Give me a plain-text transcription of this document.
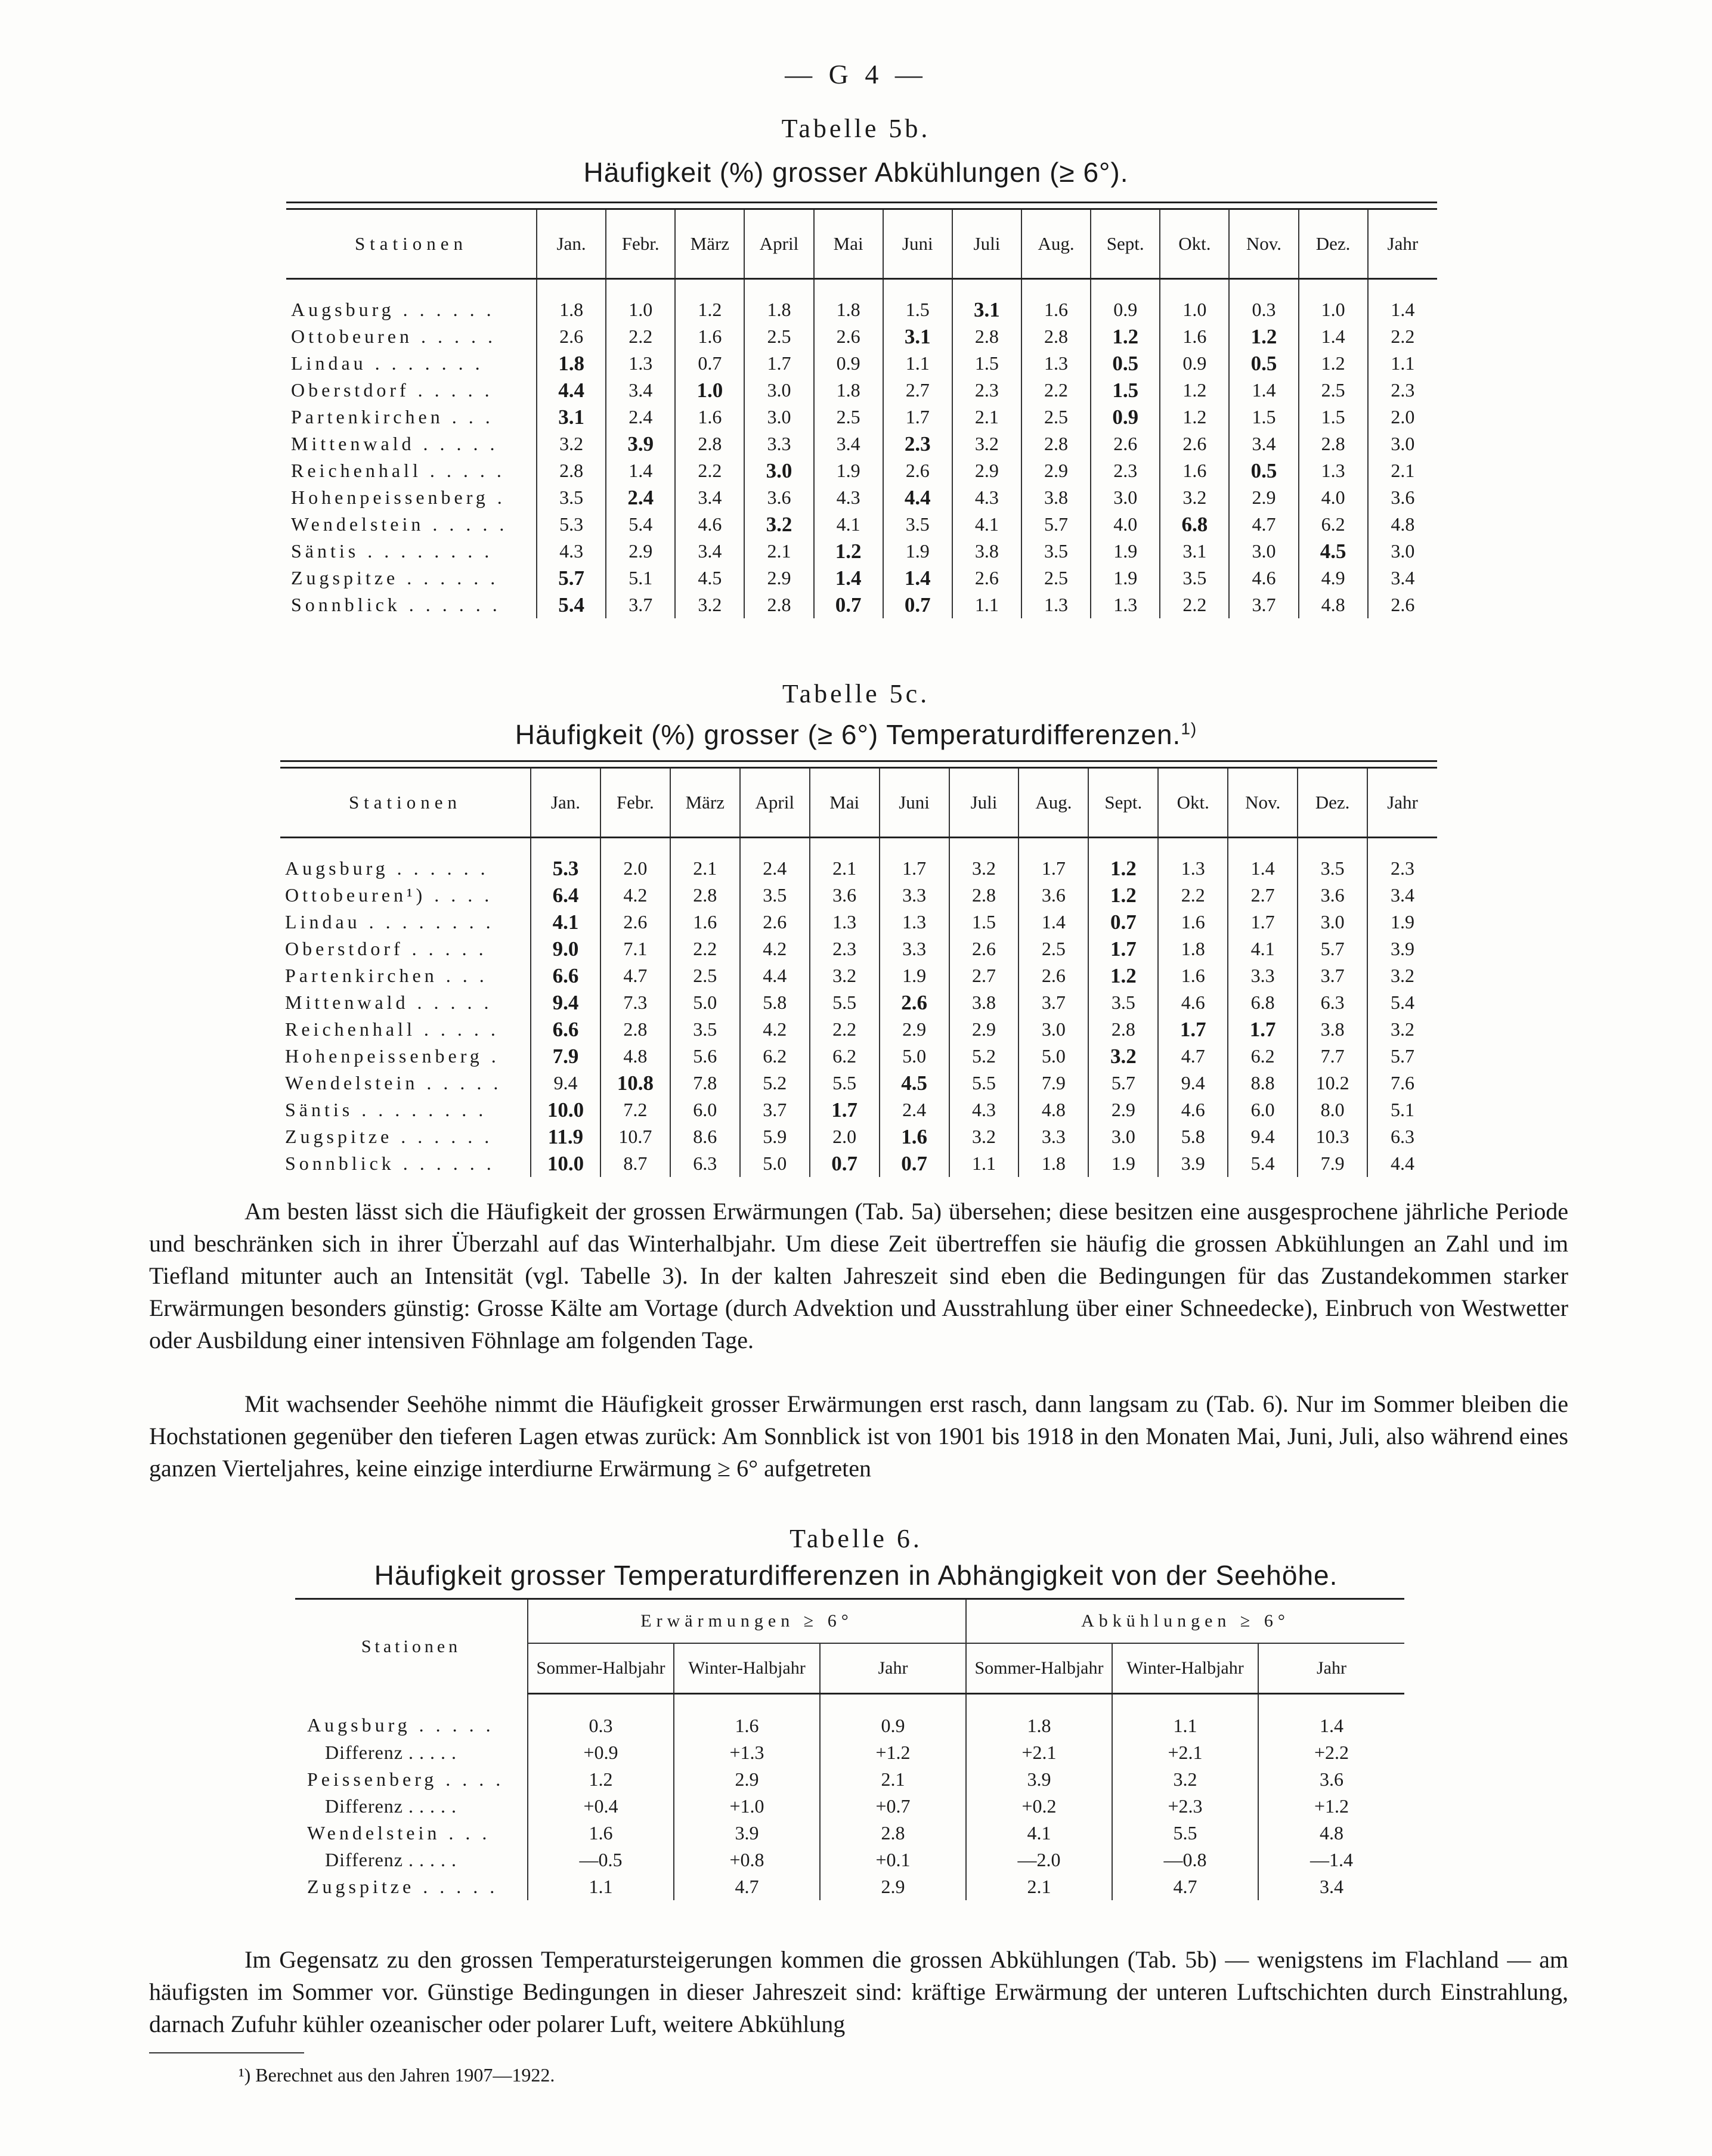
— G 4 —
Tabelle 5b.
Häufigkeit (%) grosser Abkühlungen (≥ 6°).
Stationen	Jan.	Febr.	März	April	Mai	Juni	Juli	Aug.	Sept.	Okt.	Nov.	Dez.	Jahr
Augsburg . . . . . .	1.8	1.0	1.2	1.8	1.8	1.5	3.1	1.6	0.9	1.0	0.3	1.0	1.4
Ottobeuren . . . . .	2.6	2.2	1.6	2.5	2.6	3.1	2.8	2.8	1.2	1.6	1.2	1.4	2.2
Lindau . . . . . . .	1.8	1.3	0.7	1.7	0.9	1.1	1.5	1.3	0.5	0.9	0.5	1.2	1.1
Oberstdorf . . . . .	4.4	3.4	1.0	3.0	1.8	2.7	2.3	2.2	1.5	1.2	1.4	2.5	2.3
Partenkirchen . . .	3.1	2.4	1.6	3.0	2.5	1.7	2.1	2.5	0.9	1.2	1.5	1.5	2.0
Mittenwald . . . . .	3.2	3.9	2.8	3.3	3.4	2.3	3.2	2.8	2.6	2.6	3.4	2.8	3.0
Reichenhall . . . . .	2.8	1.4	2.2	3.0	1.9	2.6	2.9	2.9	2.3	1.6	0.5	1.3	2.1
Hohenpeissenberg .	3.5	2.4	3.4	3.6	4.3	4.4	4.3	3.8	3.0	3.2	2.9	4.0	3.6
Wendelstein . . . . .	5.3	5.4	4.6	3.2	4.1	3.5	4.1	5.7	4.0	6.8	4.7	6.2	4.8
Säntis . . . . . . . .	4.3	2.9	3.4	2.1	1.2	1.9	3.8	3.5	1.9	3.1	3.0	4.5	3.0
Zugspitze . . . . . .	5.7	5.1	4.5	2.9	1.4	1.4	2.6	2.5	1.9	3.5	4.6	4.9	3.4
Sonnblick . . . . . .	5.4	3.7	3.2	2.8	0.7	0.7	1.1	1.3	1.3	2.2	3.7	4.8	2.6
Tabelle 5c.
Häufigkeit (%) grosser (≥ 6°) Temperaturdifferenzen.$^{1)}$
Stationen	Jan.	Febr.	März	April	Mai	Juni	Juli	Aug.	Sept.	Okt.	Nov.	Dez.	Jahr
Augsburg . . . . . .	5.3	2.0	2.1	2.4	2.1	1.7	3.2	1.7	1.2	1.3	1.4	3.5	2.3
Ottobeuren¹) . . . .	6.4	4.2	2.8	3.5	3.6	3.3	2.8	3.6	1.2	2.2	2.7	3.6	3.4
Lindau . . . . . . . .	4.1	2.6	1.6	2.6	1.3	1.3	1.5	1.4	0.7	1.6	1.7	3.0	1.9
Oberstdorf . . . . .	9.0	7.1	2.2	4.2	2.3	3.3	2.6	2.5	1.7	1.8	4.1	5.7	3.9
Partenkirchen . . .	6.6	4.7	2.5	4.4	3.2	1.9	2.7	2.6	1.2	1.6	3.3	3.7	3.2
Mittenwald . . . . .	9.4	7.3	5.0	5.8	5.5	2.6	3.8	3.7	3.5	4.6	6.8	6.3	5.4
Reichenhall . . . . .	6.6	2.8	3.5	4.2	2.2	2.9	2.9	3.0	2.8	1.7	1.7	3.8	3.2
Hohenpeissenberg .	7.9	4.8	5.6	6.2	6.2	5.0	5.2	5.0	3.2	4.7	6.2	7.7	5.7
Wendelstein . . . . .	9.4	10.8	7.8	5.2	5.5	4.5	5.5	7.9	5.7	9.4	8.8	10.2	7.6
Säntis . . . . . . . .	10.0	7.2	6.0	3.7	1.7	2.4	4.3	4.8	2.9	4.6	6.0	8.0	5.1
Zugspitze . . . . . .	11.9	10.7	8.6	5.9	2.0	1.6	3.2	3.3	3.0	5.8	9.4	10.3	6.3
Sonnblick . . . . . .	10.0	8.7	6.3	5.0	0.7	0.7	1.1	1.8	1.9	3.9	5.4	7.9	4.4
Am besten lässt sich die Häufigkeit der grossen Erwärmungen (Tab. 5a) übersehen; diese besitzen eine ausgesprochene jährliche Periode und beschränken sich in ihrer Überzahl auf das Winterhalbjahr. Um diese Zeit übertreffen sie häufig die grossen Abkühlungen an Zahl und im Tiefland mitunter auch an Intensität (vgl. Tabelle 3). In der kalten Jahreszeit sind eben die Bedingungen für das Zustandekommen starker Erwärmungen besonders günstig: Grosse Kälte am Vortage (durch Advektion und Ausstrahlung über einer Schneedecke), Einbruch von Westwetter oder Ausbildung einer intensiven Föhnlage am folgenden Tage.
Mit wachsender Seehöhe nimmt die Häufigkeit grosser Erwärmungen erst rasch, dann langsam zu (Tab. 6). Nur im Sommer bleiben die Hochstationen gegenüber den tieferen Lagen etwas zurück: Am Sonnblick ist von 1901 bis 1918 in den Monaten Mai, Juni, Juli, also während eines ganzen Vierteljahres, keine einzige interdiurne Erwärmung ≥ 6° aufgetreten
Tabelle 6.
Häufigkeit grosser Temperaturdifferenzen in Abhängigkeit von der Seehöhe.
Stationen	Erwärmungen ≥ 6°			Abkühlungen ≥ 6°		
	Sommer-Halbjahr	Winter-Halbjahr	Jahr	Sommer-Halbjahr	Winter-Halbjahr	Jahr
Augsburg . . . . .	0.3	1.6	0.9	1.8	1.1	1.4
Differenz . . . . .	+0.9	+1.3	+1.2	+2.1	+2.1	+2.2
Peissenberg . . . .	1.2	2.9	2.1	3.9	3.2	3.6
Differenz . . . . .	+0.4	+1.0	+0.7	+0.2	+2.3	+1.2
Wendelstein . . .	1.6	3.9	2.8	4.1	5.5	4.8
Differenz . . . . .	—0.5	+0.8	+0.1	—2.0	—0.8	—1.4
Zugspitze . . . . .	1.1	4.7	2.9	2.1	4.7	3.4
Im Gegensatz zu den grossen Temperatursteigerungen kommen die grossen Abkühlungen (Tab. 5b) — wenigstens im Flachland — am häufigsten im Sommer vor. Günstige Bedingungen in dieser Jahreszeit sind: kräftige Erwärmung der unteren Luftschichten durch Einstrahlung, darnach Zufuhr kühler ozeanischer oder polarer Luft, weitere Abkühlung
¹) Berechnet aus den Jahren 1907—1922.
